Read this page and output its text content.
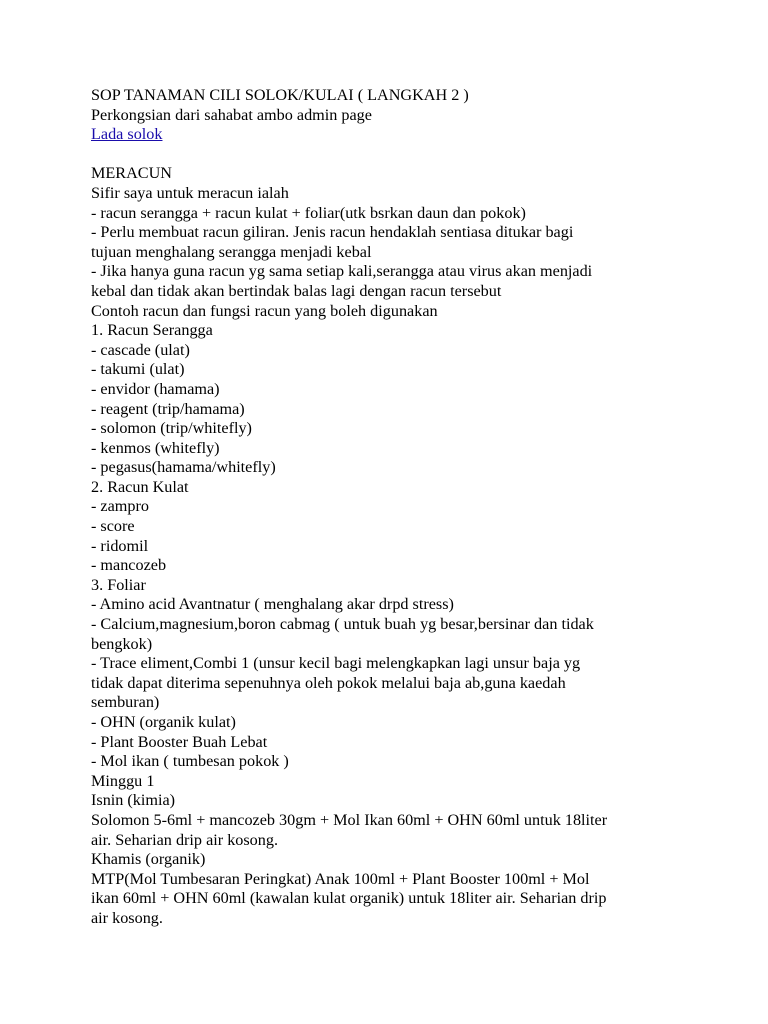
SOP TANAMAN CILI SOLOK/KULAI ( LANGKAH 2 )

Perkongsian dari sahabat ambo admin page

Lada solok

MERACUN

Sifir saya untuk meracun ialah

- racun serangga + racun kulat + foliar(utk bsrkan daun dan pokok)

- Perlu membuat racun giliran. Jenis racun hendaklah sentiasa ditukar bagi

tujuan menghalang serangga menjadi kebal

- Jika hanya guna racun yg sama setiap kali,serangga atau virus akan menjadi

kebal dan tidak akan bertindak balas lagi dengan racun tersebut

Contoh racun dan fungsi racun yang boleh digunakan

1. Racun Serangga

- cascade (ulat)

- takumi (ulat)

- envidor (hamama)

- reagent (trip/hamama)

- solomon (trip/whitefly)

- kenmos (whitefly)

- pegasus(hamama/whitefly)

2. Racun Kulat

- zampro

- score

- ridomil

- mancozeb

3. Foliar

- Amino acid Avantnatur ( menghalang akar drpd stress)

- Calcium,magnesium,boron cabmag ( untuk buah yg besar,bersinar dan tidak

bengkok)

- Trace eliment,Combi 1 (unsur kecil bagi melengkapkan lagi unsur baja yg

tidak dapat diterima sepenuhnya oleh pokok melalui baja ab,guna kaedah

semburan)

- OHN (organik kulat)

- Plant Booster Buah Lebat

- Mol ikan ( tumbesan pokok )

Minggu 1

Isnin (kimia)

Solomon 5-6ml + mancozeb 30gm + Mol Ikan 60ml + OHN 60ml untuk 18liter

air. Seharian drip air kosong.

Khamis (organik)

MTP(Mol Tumbesaran Peringkat) Anak 100ml + Plant Booster 100ml + Mol

ikan 60ml + OHN 60ml (kawalan kulat organik) untuk 18liter air. Seharian drip

air kosong.
